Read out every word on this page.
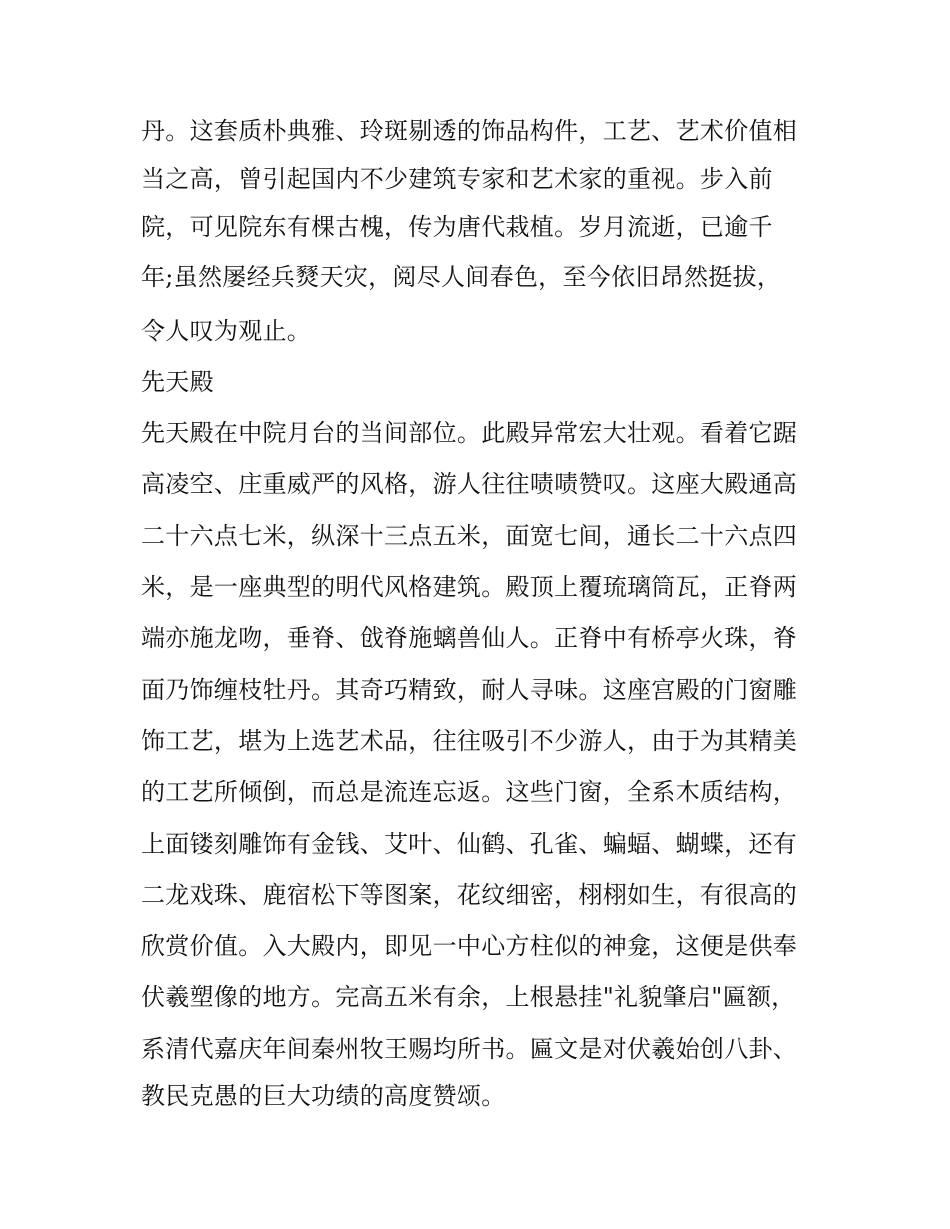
丹。这套质朴典雅、玲斑剔透的饰品构件，工艺、艺术价值相
当之高，曾引起国内不少建筑专家和艺术家的重视。步入前
院，可见院东有棵古槐，传为唐代栽植。岁月流逝，已逾千
年;虽然屡经兵燹天灾，阅尽人间春色，至今依旧昂然挺拔，
令人叹为观止。
先天殿
先天殿在中院月台的当间部位。此殿异常宏大壮观。看着它踞
高凌空、庄重威严的风格，游人往往啧啧赞叹。这座大殿通高
二十六点七米，纵深十三点五米，面宽七间，通长二十六点四
米，是一座典型的明代风格建筑。殿顶上覆琉璃筒瓦，正脊两
端亦施龙吻，垂脊、戗脊施螭兽仙人。正脊中有桥亭火珠，脊
面乃饰缠枝牡丹。其奇巧精致，耐人寻味。这座宫殿的门窗雕
饰工艺，堪为上选艺术品，往往吸引不少游人，由于为其精美
的工艺所倾倒，而总是流连忘返。这些门窗，全系木质结构，
上面镂刻雕饰有金钱、艾叶、仙鹤、孔雀、蝙蝠、蝴蝶，还有
二龙戏珠、鹿宿松下等图案，花纹细密，栩栩如生，有很高的
欣赏价值。入大殿内，即见一中心方柱似的神龛，这便是供奉
伏羲塑像的地方。完高五米有余，上根悬挂"礼貌肇启"匾额，
系清代嘉庆年间秦州牧王赐均所书。匾文是对伏羲始创八卦、
教民克愚的巨大功绩的高度赞颂。
